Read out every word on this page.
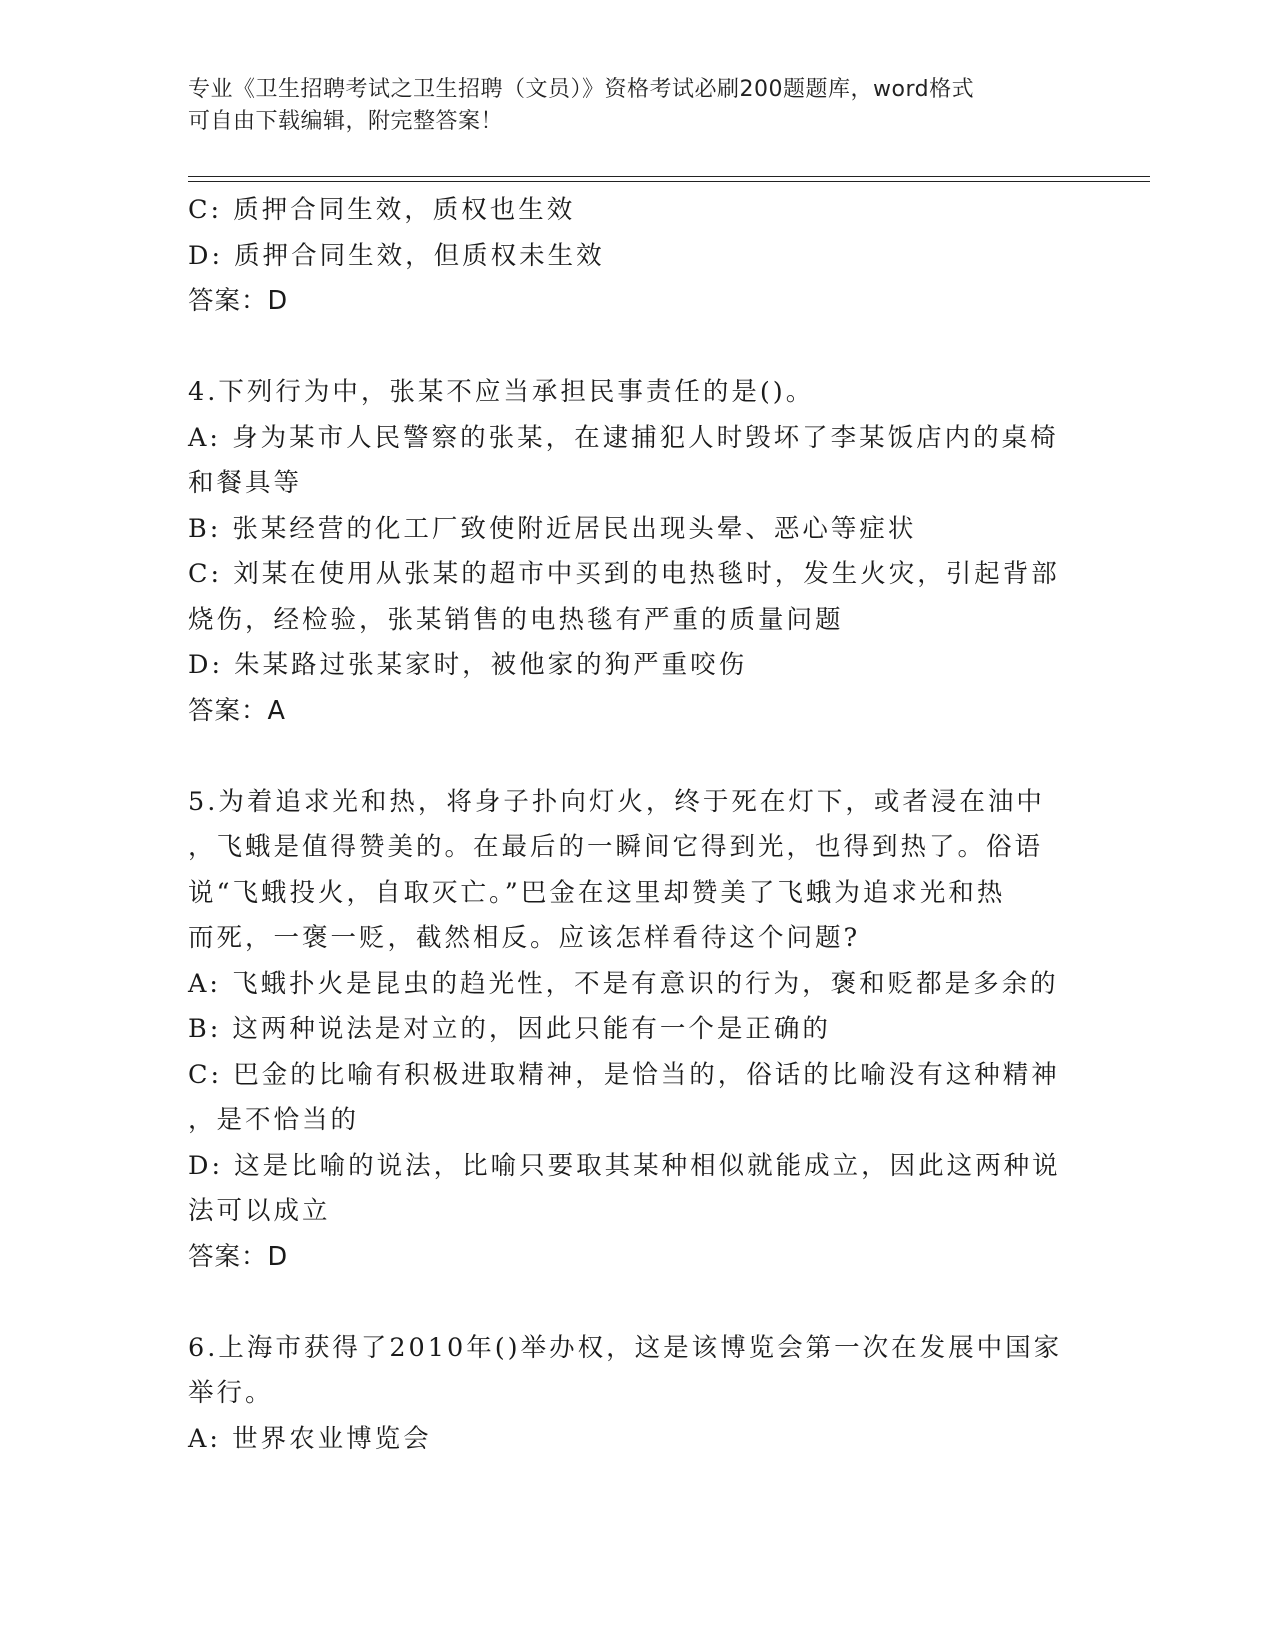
专业《卫生招聘考试之卫生招聘（文员）》资格考试必刷200题题库，word格式
可自由下载编辑，附完整答案！

C: 质押合同生效，质权也生效

D: 质押合同生效，但质权未生效

答案：D

4.下列行为中，张某不应当承担民事责任的是()。

A: 身为某市人民警察的张某，在逮捕犯人时毁坏了李某饭店内的桌椅

和餐具等

B: 张某经营的化工厂致使附近居民出现头晕、恶心等症状

C: 刘某在使用从张某的超市中买到的电热毯时，发生火灾，引起背部

烧伤，经检验，张某销售的电热毯有严重的质量问题

D: 朱某路过张某家时，被他家的狗严重咬伤

答案：A

5.为着追求光和热，将身子扑向灯火，终于死在灯下，或者浸在油中

，飞蛾是值得赞美的。在最后的一瞬间它得到光，也得到热了。俗语

说“飞蛾投火，自取灭亡。”巴金在这里却赞美了飞蛾为追求光和热

而死，一褒一贬，截然相反。应该怎样看待这个问题?

A: 飞蛾扑火是昆虫的趋光性，不是有意识的行为，褒和贬都是多余的

B: 这两种说法是对立的，因此只能有一个是正确的

C: 巴金的比喻有积极进取精神，是恰当的，俗话的比喻没有这种精神

，是不恰当的

D: 这是比喻的说法，比喻只要取其某种相似就能成立，因此这两种说

法可以成立

答案：D

6.上海市获得了2010年()举办权，这是该博览会第一次在发展中国家

举行。

A: 世界农业博览会
